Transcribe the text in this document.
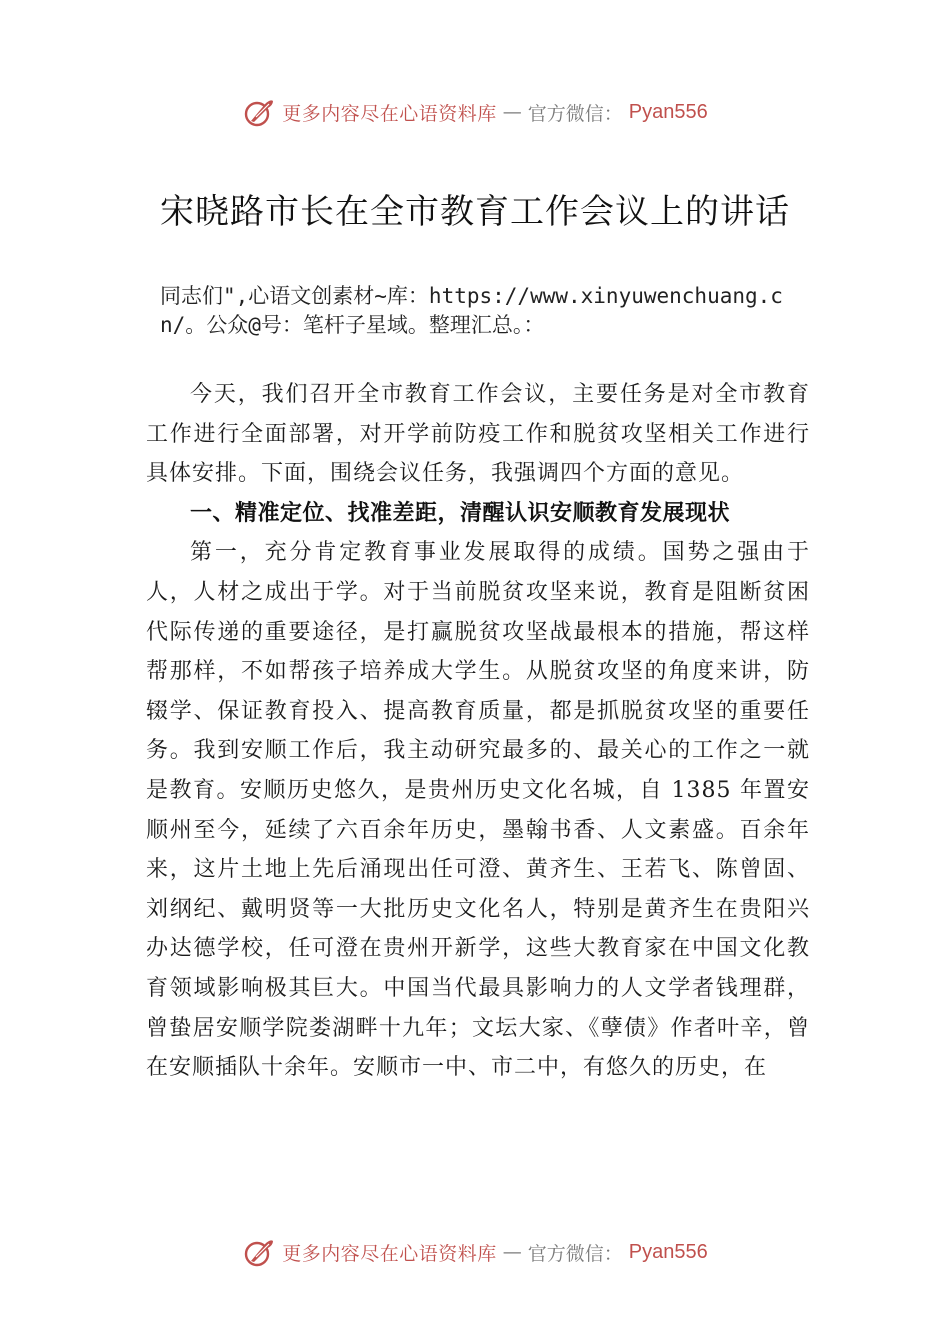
更多内容尽在心语资料库 — 官方微信： Pyan556
宋晓路市长在全市教育工作会议上的讲话
同志们",心语文创素材~库：https://www.xinyuwenchuang.cn/。公众@号：笔杆子星域。整理汇总。：

今天，我们召开全市教育工作会议，主要任务是对全市教育工作进行全面部署，对开学前防疫工作和脱贫攻坚相关工作进行具体安排。下面，围绕会议任务，我强调四个方面的意见。

一、精准定位、找准差距，清醒认识安顺教育发展现状

第一，充分肯定教育事业发展取得的成绩。国势之强由于人，人材之成出于学。对于当前脱贫攻坚来说，教育是阻断贫困代际传递的重要途径，是打赢脱贫攻坚战最根本的措施，帮这样帮那样，不如帮孩子培养成大学生。从脱贫攻坚的角度来讲，防辍学、保证教育投入、提高教育质量，都是抓脱贫攻坚的重要任务。我到安顺工作后，我主动研究最多的、最关心的工作之一就是教育。安顺历史悠久，是贵州历史文化名城，自 1385 年置安顺州至今，延续了六百余年历史，墨翰书香、人文素盛。百余年来，这片土地上先后涌现出任可澄、黄齐生、王若飞、陈曾固、刘纲纪、戴明贤等一大批历史文化名人，特别是黄齐生在贵阳兴办达德学校，任可澄在贵州开新学，这些大教育家在中国文化教育领域影响极其巨大。中国当代最具影响力的人文学者钱理群，曾蛰居安顺学院娄湖畔十九年；文坛大家、《孽债》作者叶辛，曾在安顺插队十余年。安顺市一中、市二中，有悠久的历史，在

更多内容尽在心语资料库 — 官方微信： Pyan556
